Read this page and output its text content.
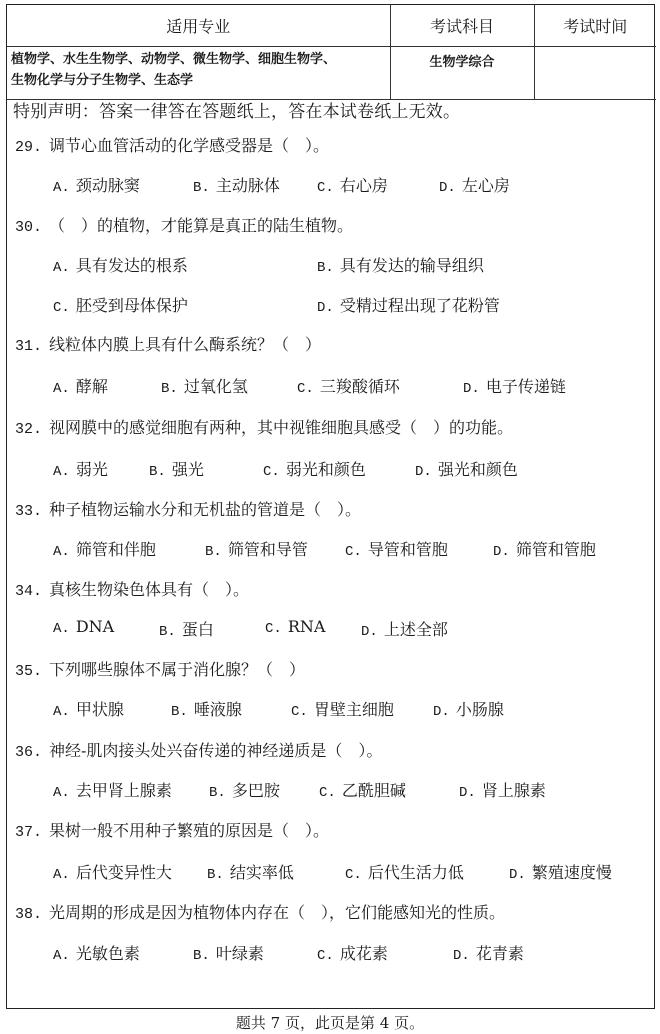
适用专业	考试科目	考试时间

植物学、水生生物学、动物学、微生物学、细胞生物学、
生物化学与分子生物学、生态学	生物学综合	
特别声明：答案一律答在答题纸上，答在本试卷纸上无效。
29. 调节心血管活动的化学感受器是（　）。
A. 颈动脉窦	B. 主动脉体	C. 右心房	D. 左心房
30. （　）的植物，才能算是真正的陆生植物。
A. 具有发达的根系	B. 具有发达的输导组织
C. 胚受到母体保护	D. 受精过程出现了花粉管
31. 线粒体内膜上具有什么酶系统？（　）
A. 酵解	B. 过氧化氢	C. 三羧酸循环	D. 电子传递链
32. 视网膜中的感觉细胞有两种，其中视锥细胞具感受（　）的功能。
A. 弱光	B. 强光	C. 弱光和颜色	D. 强光和颜色
33. 种子植物运输水分和无机盐的管道是（　）。
A. 筛管和伴胞	B. 筛管和导管	C. 导管和管胞	D. 筛管和管胞
34. 真核生物染色体具有（　）。
A. DNA	B. 蛋白	C. RNA	D. 上述全部
35. 下列哪些腺体不属于消化腺？（　）
A. 甲状腺	B. 唾液腺	C. 胃壁主细胞	D. 小肠腺
36. 神经-肌肉接头处兴奋传递的神经递质是（　）。
A. 去甲肾上腺素	B. 多巴胺	C. 乙酰胆碱	D. 肾上腺素
37. 果树一般不用种子繁殖的原因是（　）。
A. 后代变异性大	B. 结实率低	C. 后代生活力低	D. 繁殖速度慢
38. 光周期的形成是因为植物体内存在（　），它们能感知光的性质。
A. 光敏色素	B. 叶绿素	C. 成花素	D. 花青素
题共 7 页，此页是第 4 页。
